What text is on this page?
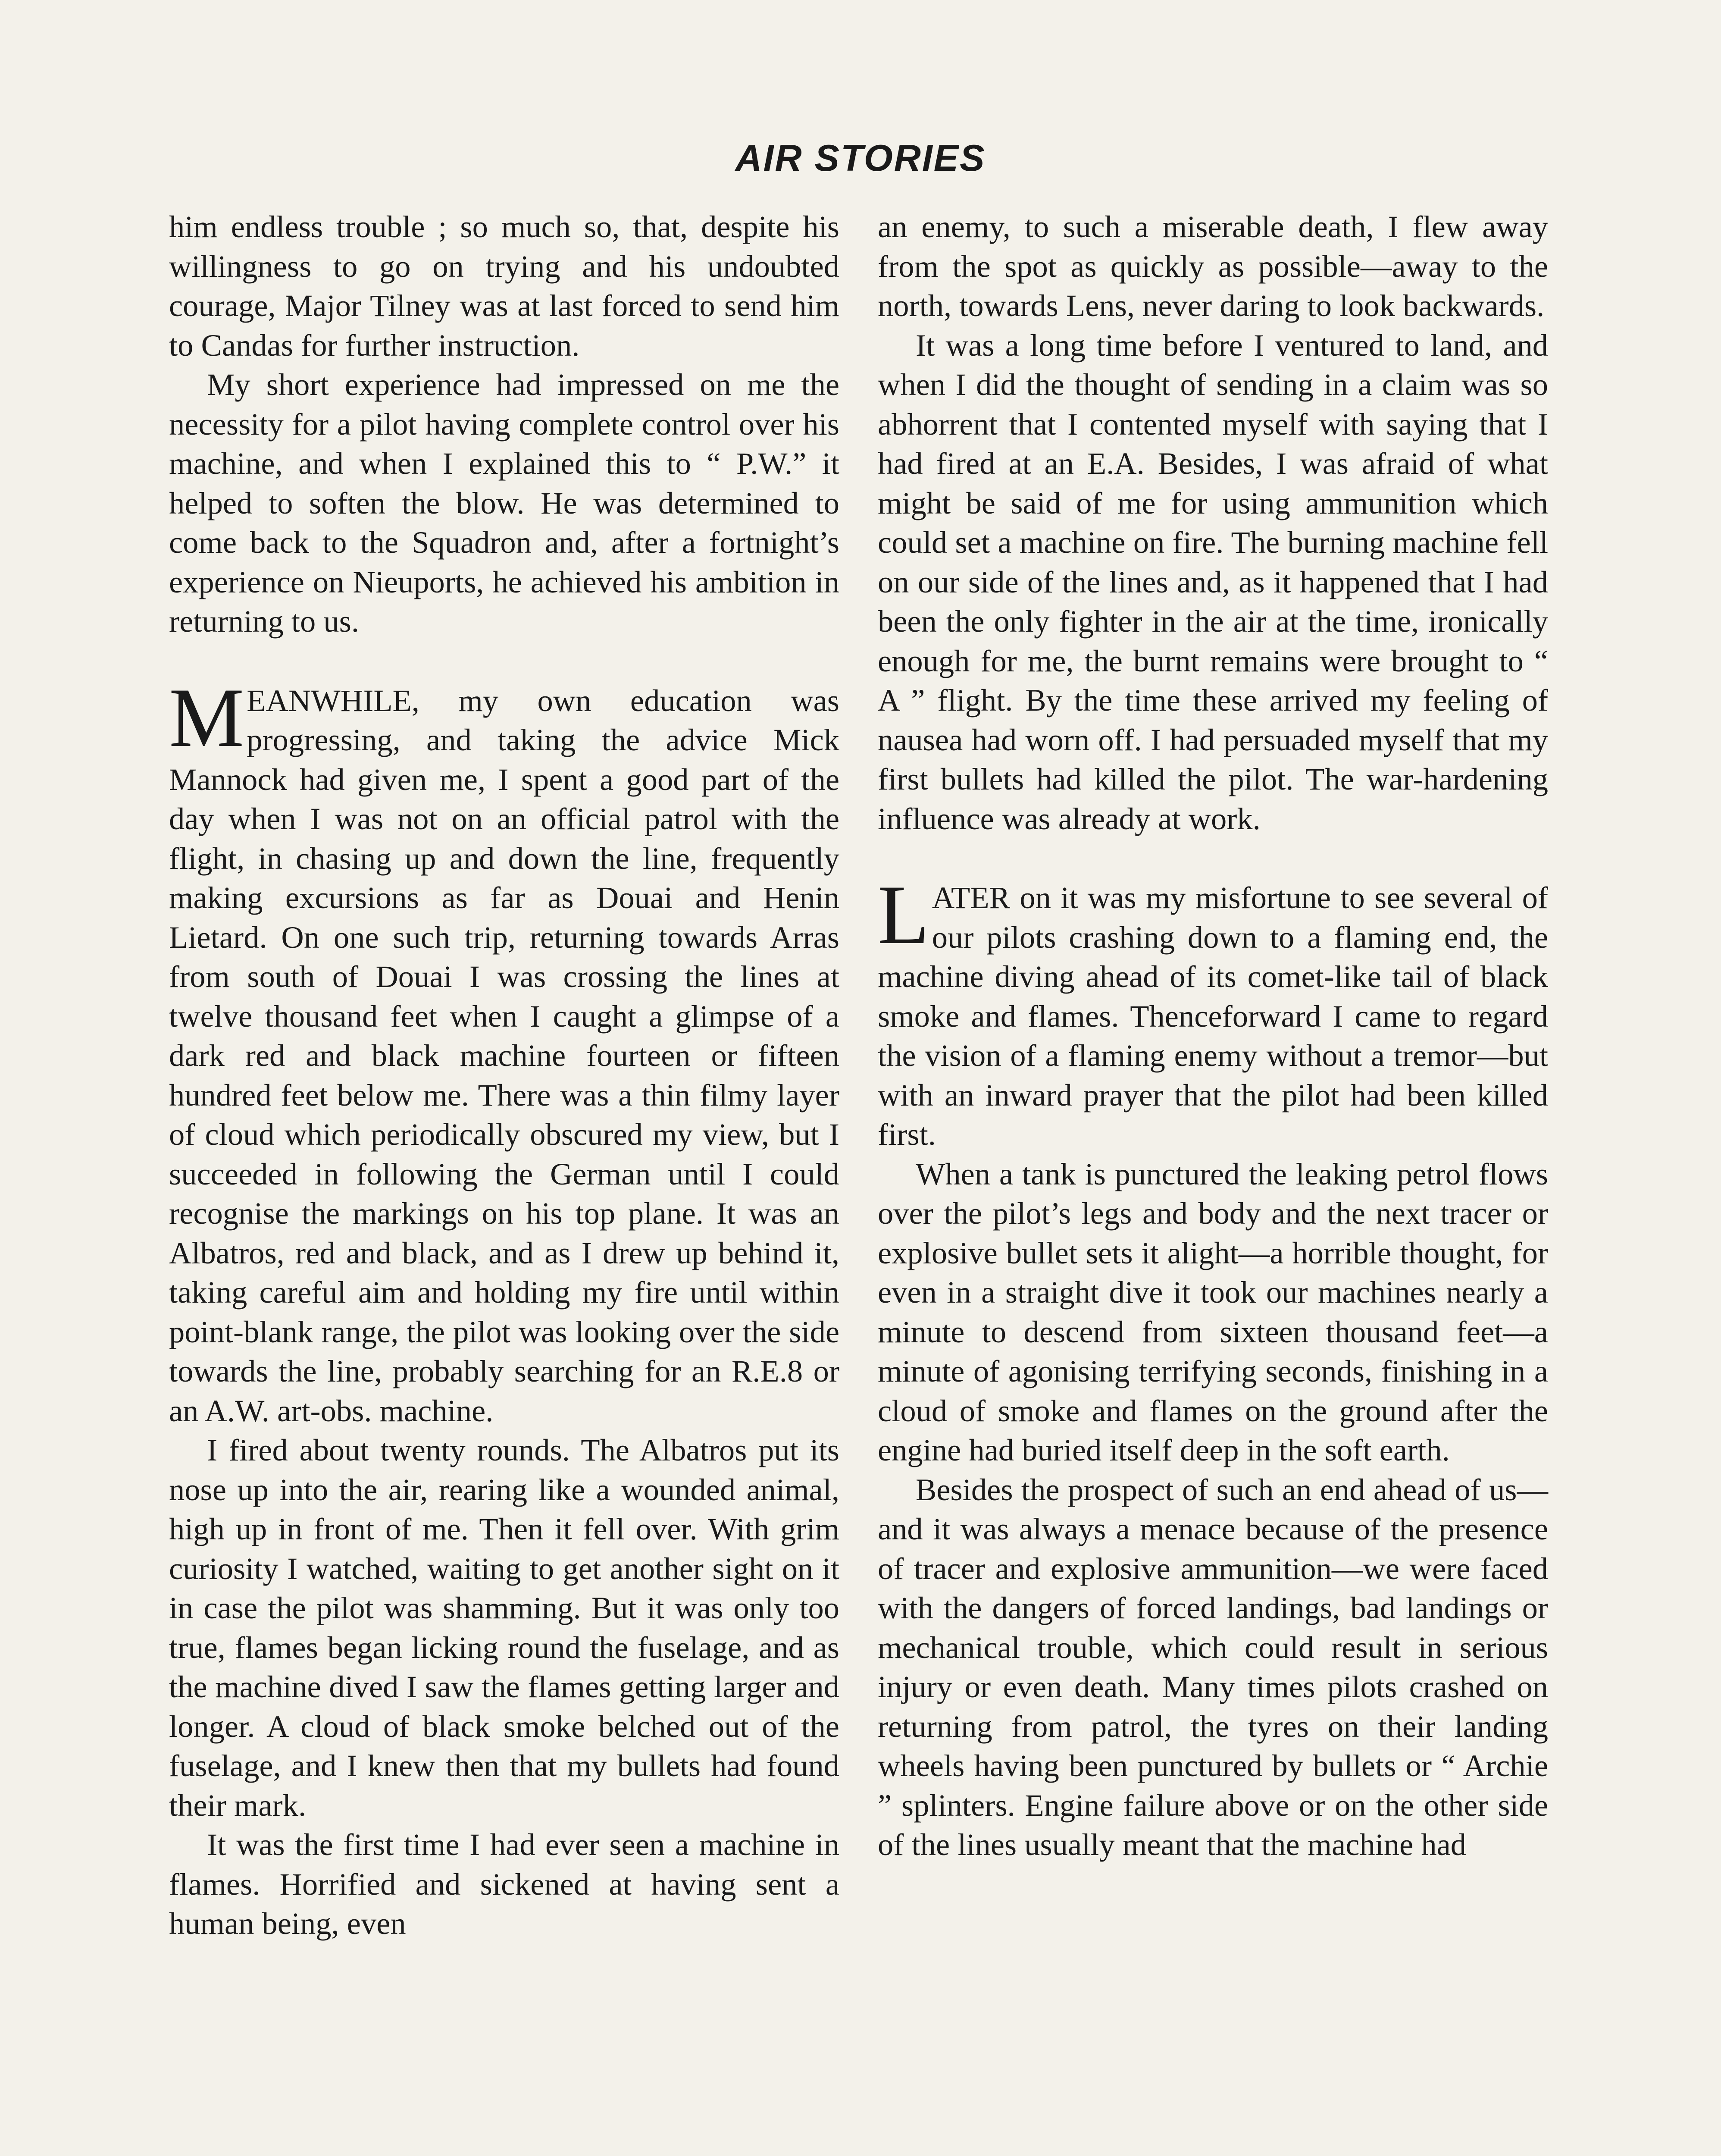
AIR STORIES

him endless trouble ; so much so, that, despite his willingness to go on trying and his undoubted courage, Major Tilney was at last forced to send him to Candas for further instruction.

My short experience had impressed on me the necessity for a pilot having complete control over his machine, and when I explained this to “ P.W.” it helped to soften the blow. He was determined to come back to the Squadron and, after a fortnight’s experience on Nieuports, he achieved his ambition in returning to us.

MEANWHILE, my own education was progressing, and taking the advice Mick Mannock had given me, I spent a good part of the day when I was not on an official patrol with the flight, in chasing up and down the line, frequently making excursions as far as Douai and Henin Lietard. On one such trip, returning towards Arras from south of Douai I was crossing the lines at twelve thousand feet when I caught a glimpse of a dark red and black machine fourteen or fifteen hundred feet below me. There was a thin filmy layer of cloud which periodically obscured my view, but I succeeded in following the German until I could recognise the markings on his top plane. It was an Albatros, red and black, and as I drew up behind it, taking careful aim and holding my fire until within point-blank range, the pilot was looking over the side towards the line, probably searching for an R.E.8 or an A.W. art-obs. machine.

I fired about twenty rounds. The Albatros put its nose up into the air, rearing like a wounded animal, high up in front of me. Then it fell over. With grim curiosity I watched, waiting to get another sight on it in case the pilot was shamming. But it was only too true, flames began licking round the fuselage, and as the machine dived I saw the flames getting larger and longer. A cloud of black smoke belched out of the fuselage, and I knew then that my bullets had found their mark.

It was the first time I had ever seen a machine in flames. Horrified and sickened at having sent a human being, even

an enemy, to such a miserable death, I flew away from the spot as quickly as possible—away to the north, towards Lens, never daring to look backwards.

It was a long time before I ventured to land, and when I did the thought of sending in a claim was so abhorrent that I contented myself with saying that I had fired at an E.A. Besides, I was afraid of what might be said of me for using ammunition which could set a machine on fire. The burning machine fell on our side of the lines and, as it happened that I had been the only fighter in the air at the time, ironically enough for me, the burnt remains were brought to “ A ” flight. By the time these arrived my feeling of nausea had worn off. I had persuaded myself that my first bullets had killed the pilot. The war-hardening influence was already at work.

LATER on it was my misfortune to see several of our pilots crashing down to a flaming end, the machine diving ahead of its comet-like tail of black smoke and flames. Thenceforward I came to regard the vision of a flaming enemy without a tremor—but with an inward prayer that the pilot had been killed first.

When a tank is punctured the leaking petrol flows over the pilot’s legs and body and the next tracer or explosive bullet sets it alight—a horrible thought, for even in a straight dive it took our machines nearly a minute to descend from sixteen thousand feet—a minute of agonising terrifying seconds, finishing in a cloud of smoke and flames on the ground after the engine had buried itself deep in the soft earth.

Besides the prospect of such an end ahead of us—and it was always a menace because of the presence of tracer and explosive ammunition—we were faced with the dangers of forced landings, bad landings or mechanical trouble, which could result in serious injury or even death. Many times pilots crashed on returning from patrol, the tyres on their landing wheels having been punctured by bullets or “ Archie ” splinters. Engine failure above or on the other side of the lines usually meant that the machine had
